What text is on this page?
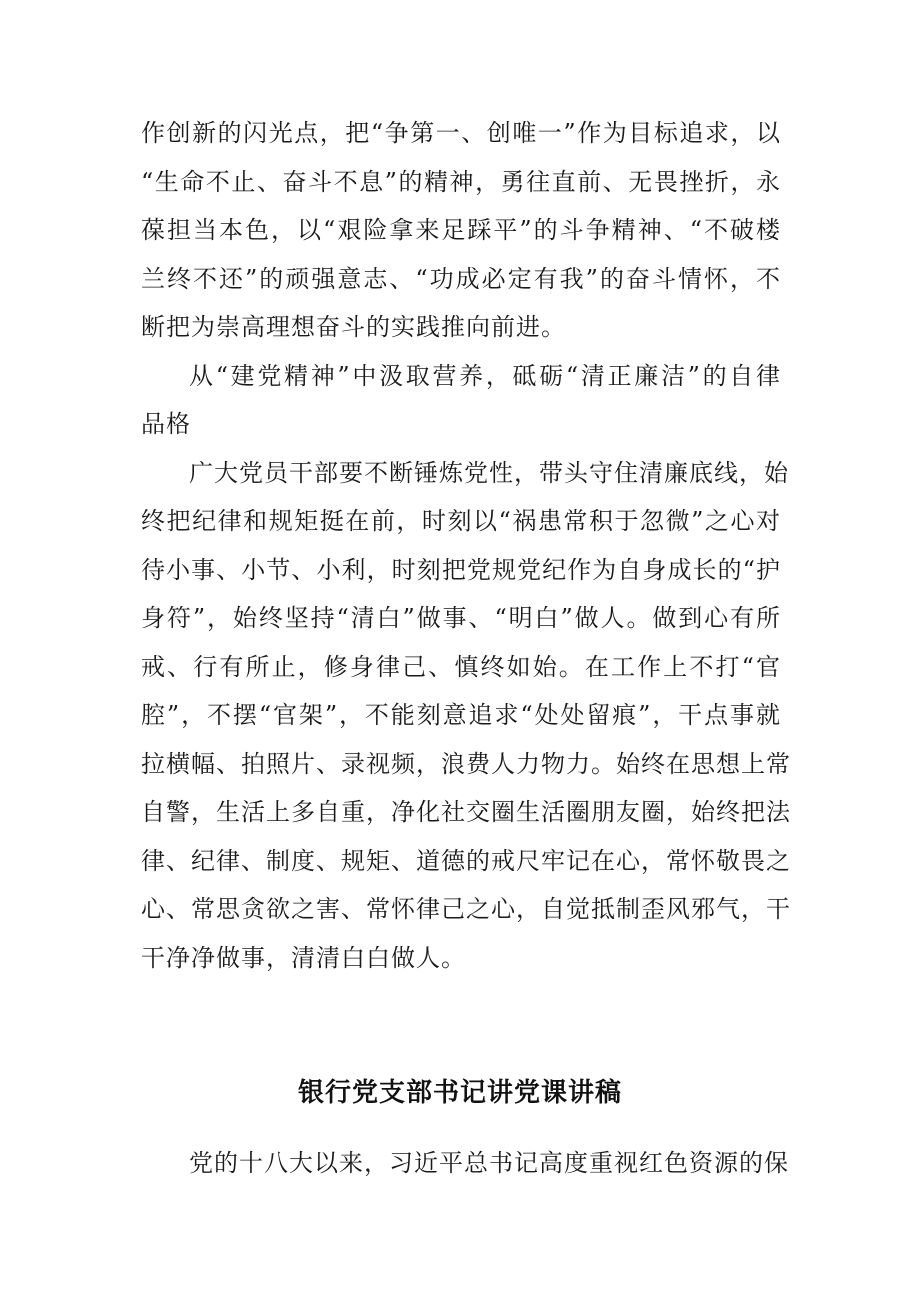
作创新的闪光点，把“争第一、创唯一”作为目标追求，以
“生命不止、奋斗不息”的精神，勇往直前、无畏挫折，永
葆担当本色，以“艰险拿来足踩平”的斗争精神、“不破楼
兰终不还”的顽强意志、“功成必定有我”的奋斗情怀，不
断把为崇高理想奋斗的实践推向前进。
从“建党精神”中汲取营养，砥砺“清正廉洁”的自律
品格
广大党员干部要不断锤炼党性，带头守住清廉底线，始
终把纪律和规矩挺在前，时刻以“祸患常积于忽微”之心对
待小事、小节、小利，时刻把党规党纪作为自身成长的“护
身符”，始终坚持“清白”做事、“明白”做人。做到心有所
戒、行有所止，修身律己、慎终如始。在工作上不打“官
腔”，不摆“官架”，不能刻意追求“处处留痕”，干点事就
拉横幅、拍照片、录视频，浪费人力物力。始终在思想上常
自警，生活上多自重，净化社交圈生活圈朋友圈，始终把法
律、纪律、制度、规矩、道德的戒尺牢记在心，常怀敬畏之
心、常思贪欲之害、常怀律己之心，自觉抵制歪风邪气，干
干净净做事，清清白白做人。
银行党支部书记讲党课讲稿
党的十八大以来，习近平总书记高度重视红色资源的保
